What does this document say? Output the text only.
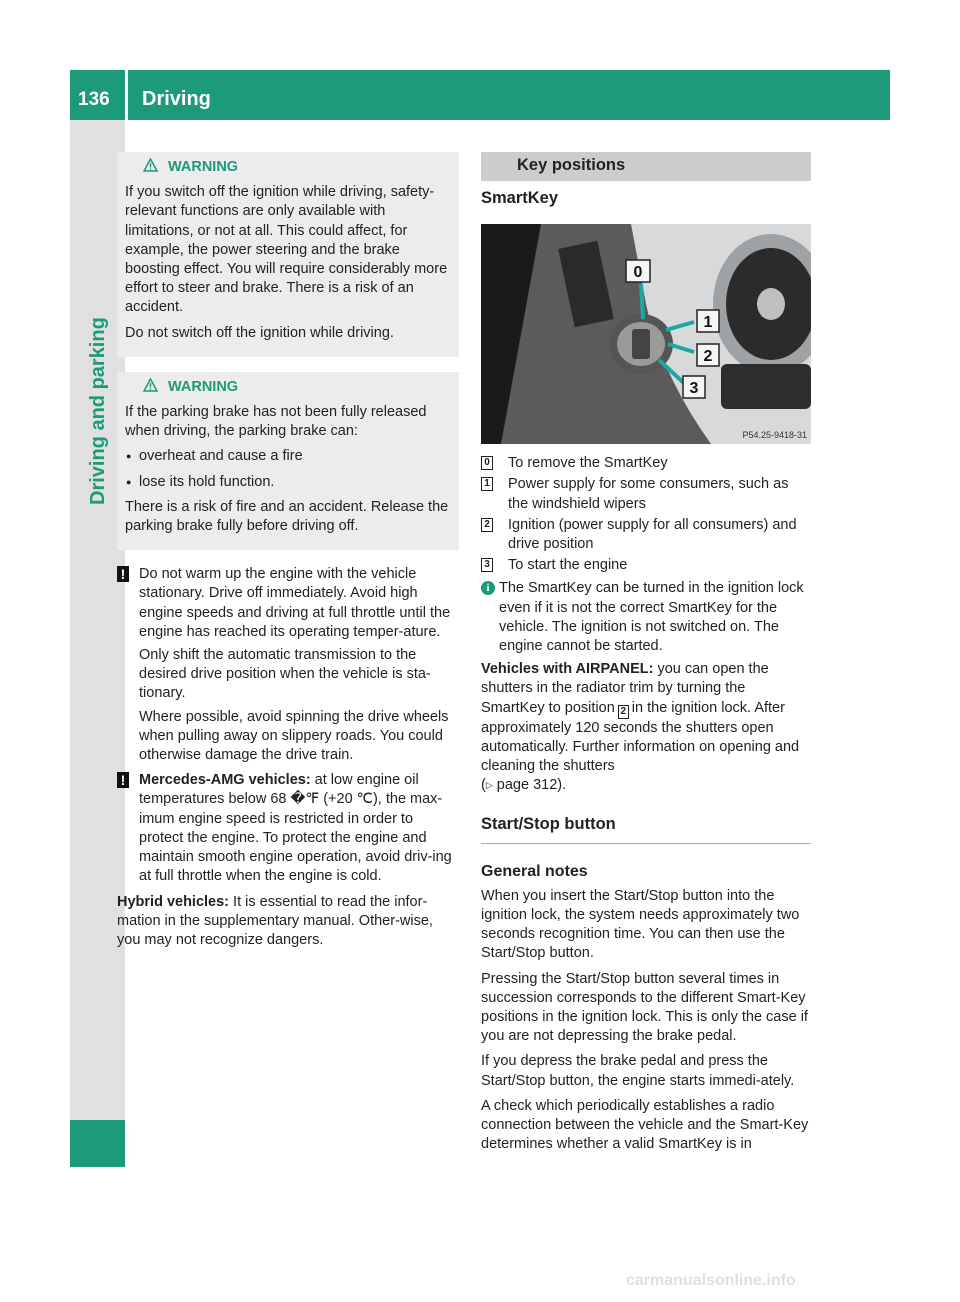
136 Driving
Driving and parking
WARNING

If you switch off the ignition while driving, safety-relevant functions are only available with limitations, or not at all. This could affect, for example, the power steering and the brake boosting effect. You will require considerably more effort to steer and brake. There is a risk of an accident.

Do not switch off the ignition while driving.

WARNING

If the parking brake has not been fully released when driving, the parking brake can:

● overheat and cause a fire
● lose its hold function.

There is a risk of fire and an accident. Release the parking brake fully before driving off.

! Do not warm up the engine with the vehicle stationary. Drive off immediately. Avoid high engine speeds and driving at full throttle until the engine has reached its operating temper-ature.

Only shift the automatic transmission to the desired drive position when the vehicle is sta-tionary.

Where possible, avoid spinning the drive wheels when pulling away on slippery roads. You could otherwise damage the drive train.

! Mercedes-AMG vehicles: at low engine oil temperatures below 68 �℉ (+20 ℃), the max-imum engine speed is restricted in order to protect the engine. To protect the engine and maintain smooth engine operation, avoid driv-ing at full throttle when the engine is cold.

Hybrid vehicles: It is essential to read the infor-mation in the supplementary manual. Other-wise, you may not recognize dangers.

Key positions
SmartKey
0
1
2
3
P54.25-9418-31
0 To remove the SmartKey
1 Power supply for some consumers, such as the windshield wipers
2 Ignition (power supply for all consumers) and drive position
3 To start the engine
i The SmartKey can be turned in the ignition lock even if it is not the correct SmartKey for the vehicle. The ignition is not switched on. The engine cannot be started.

Vehicles with AIRPANEL: you can open the shutters in the radiator trim by turning the SmartKey to position 2 in the ignition lock. After approximately 120 seconds the shutters open automatically. Further information on opening and cleaning the shutters
(▷ page 312).

Start/Stop button
General notes

When you insert the Start/Stop button into the ignition lock, the system needs approximately two seconds recognition time. You can then use the Start/Stop button.

Pressing the Start/Stop button several times in succession corresponds to the different Smart-Key positions in the ignition lock. This is only the case if you are not depressing the brake pedal.

If you depress the brake pedal and press the Start/Stop button, the engine starts immedi-ately.

A check which periodically establishes a radio connection between the vehicle and the Smart-Key determines whether a valid SmartKey is in

carmanualsonline.info
